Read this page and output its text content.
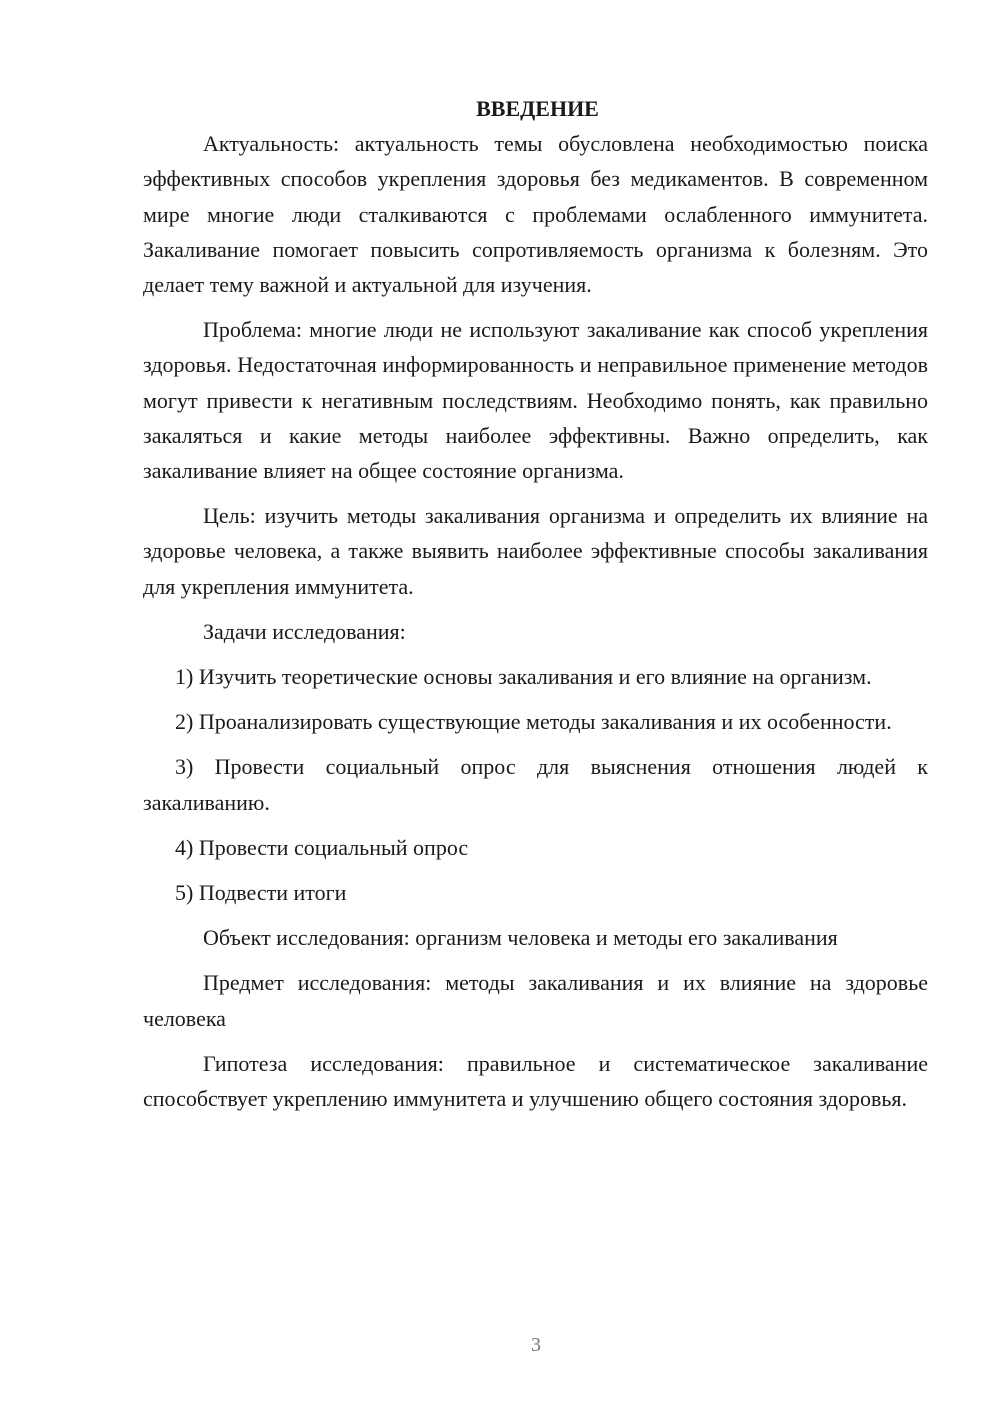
ВВЕДЕНИЕ

Актуальность: актуальность темы обусловлена необходимостью поиска эффективных способов укрепления здоровья без медикаментов. В современном мире многие люди сталкиваются с проблемами ослабленного иммунитета. Закаливание помогает повысить сопротивляемость организма к болезням. Это делает тему важной и актуальной для изучения.

Проблема: многие люди не используют закаливание как способ укрепления здоровья. Недостаточная информированность и неправильное применение методов могут привести к негативным последствиям. Необходимо понять, как правильно закаляться и какие методы наиболее эффективны. Важно определить, как закаливание влияет на общее состояние организма.

Цель: изучить методы закаливания организма и определить их влияние на здоровье человека, а также выявить наиболее эффективные способы закаливания для укрепления иммунитета.

Задачи исследования:

1) Изучить теоретические основы закаливания и его влияние на организм.
2) Проанализировать существующие методы закаливания и их особенности.
3) Провести социальный опрос для выяснения отношения людей к закаливанию.
4) Провести социальный опрос
5) Подвести итоги

Объект исследования: организм человека и методы его закаливания

Предмет исследования: методы закаливания и их влияние на здоровье человека

Гипотеза исследования: правильное и систематическое закаливание способствует укреплению иммунитета и улучшению общего состояния здоровья.

3
